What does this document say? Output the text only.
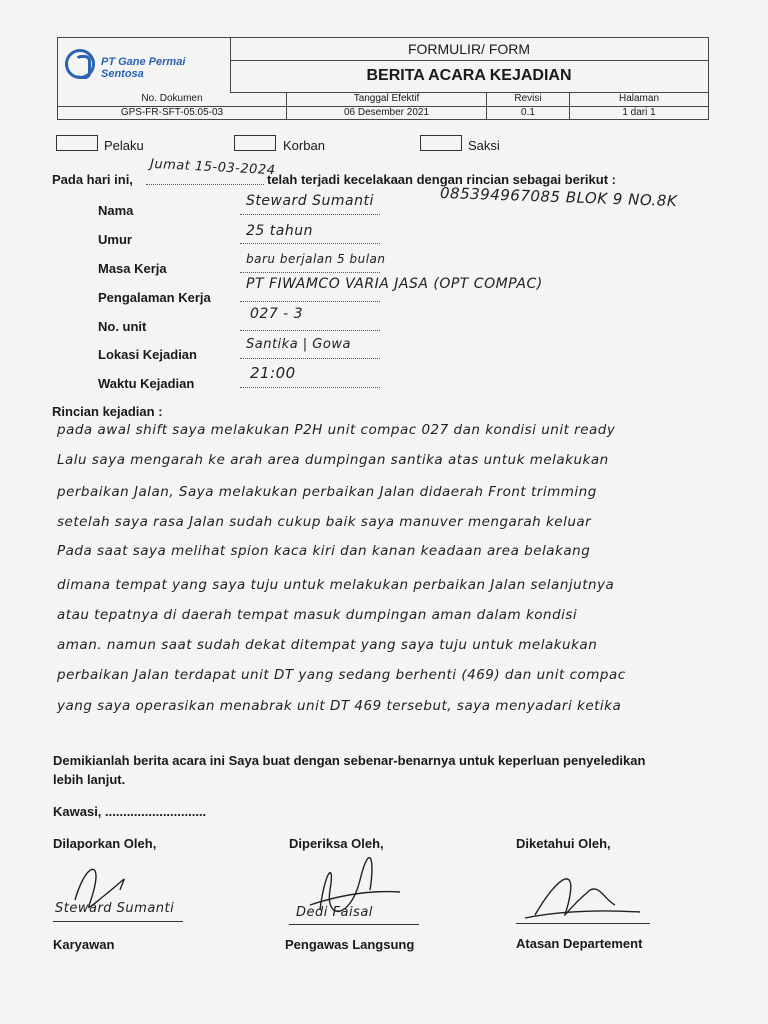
PT Gane Permai Sentosa
FORMULIR/ FORM
BERITA ACARA KEJADIAN
No. Dokumen	Tanggal Efektif	Revisi	Halaman
GPS-FR-SFT-05.05-03	06 Desember 2021	0.1	1 dari 1
Pelaku	Korban	Saksi
Pada hari ini,
Jumat 15-03-2024
telah terjadi kecelakaan dengan rincian sebagai berikut :
Nama
Steward Sumanti	085394967085 BLOK 9 NO.8K
Umur
25 tahun
Masa Kerja
baru berjalan 5 bulan
Pengalaman Kerja
PT FIWAMCO VARIA JASA (OPT COMPAC)
No. unit
027 - 3
Lokasi Kejadian
Santika | Gowa
Waktu Kejadian
21:00
Rincian kejadian :
pada awal shift saya melakukan P2H unit compac 027 dan kondisi unit ready
Lalu saya mengarah ke arah area dumpingan santika atas untuk melakukan
perbaikan Jalan, Saya melakukan perbaikan Jalan didaerah Front trimming
setelah saya rasa Jalan sudah cukup baik saya manuver mengarah keluar
Pada saat saya melihat spion kaca kiri dan kanan keadaan area belakang
dimana tempat yang saya tuju untuk melakukan perbaikan Jalan selanjutnya
atau tepatnya di daerah tempat masuk dumpingan aman dalam kondisi
aman. namun saat sudah dekat ditempat yang saya tuju untuk melakukan
perbaikan Jalan terdapat unit DT yang sedang berhenti (469) dan unit compac
yang saya operasikan menabrak unit DT 469 tersebut, saya menyadari ketika
Demikianlah berita acara ini Saya buat dengan sebenar-benarnya untuk keperluan penyeledikan
lebih lanjut.
Kawasi, ............................
Dilaporkan Oleh,	Diperiksa Oleh,	Diketahui Oleh,
Steward Sumanti	Dedi Faisal
Karyawan	Pengawas Langsung	Atasan Departement
